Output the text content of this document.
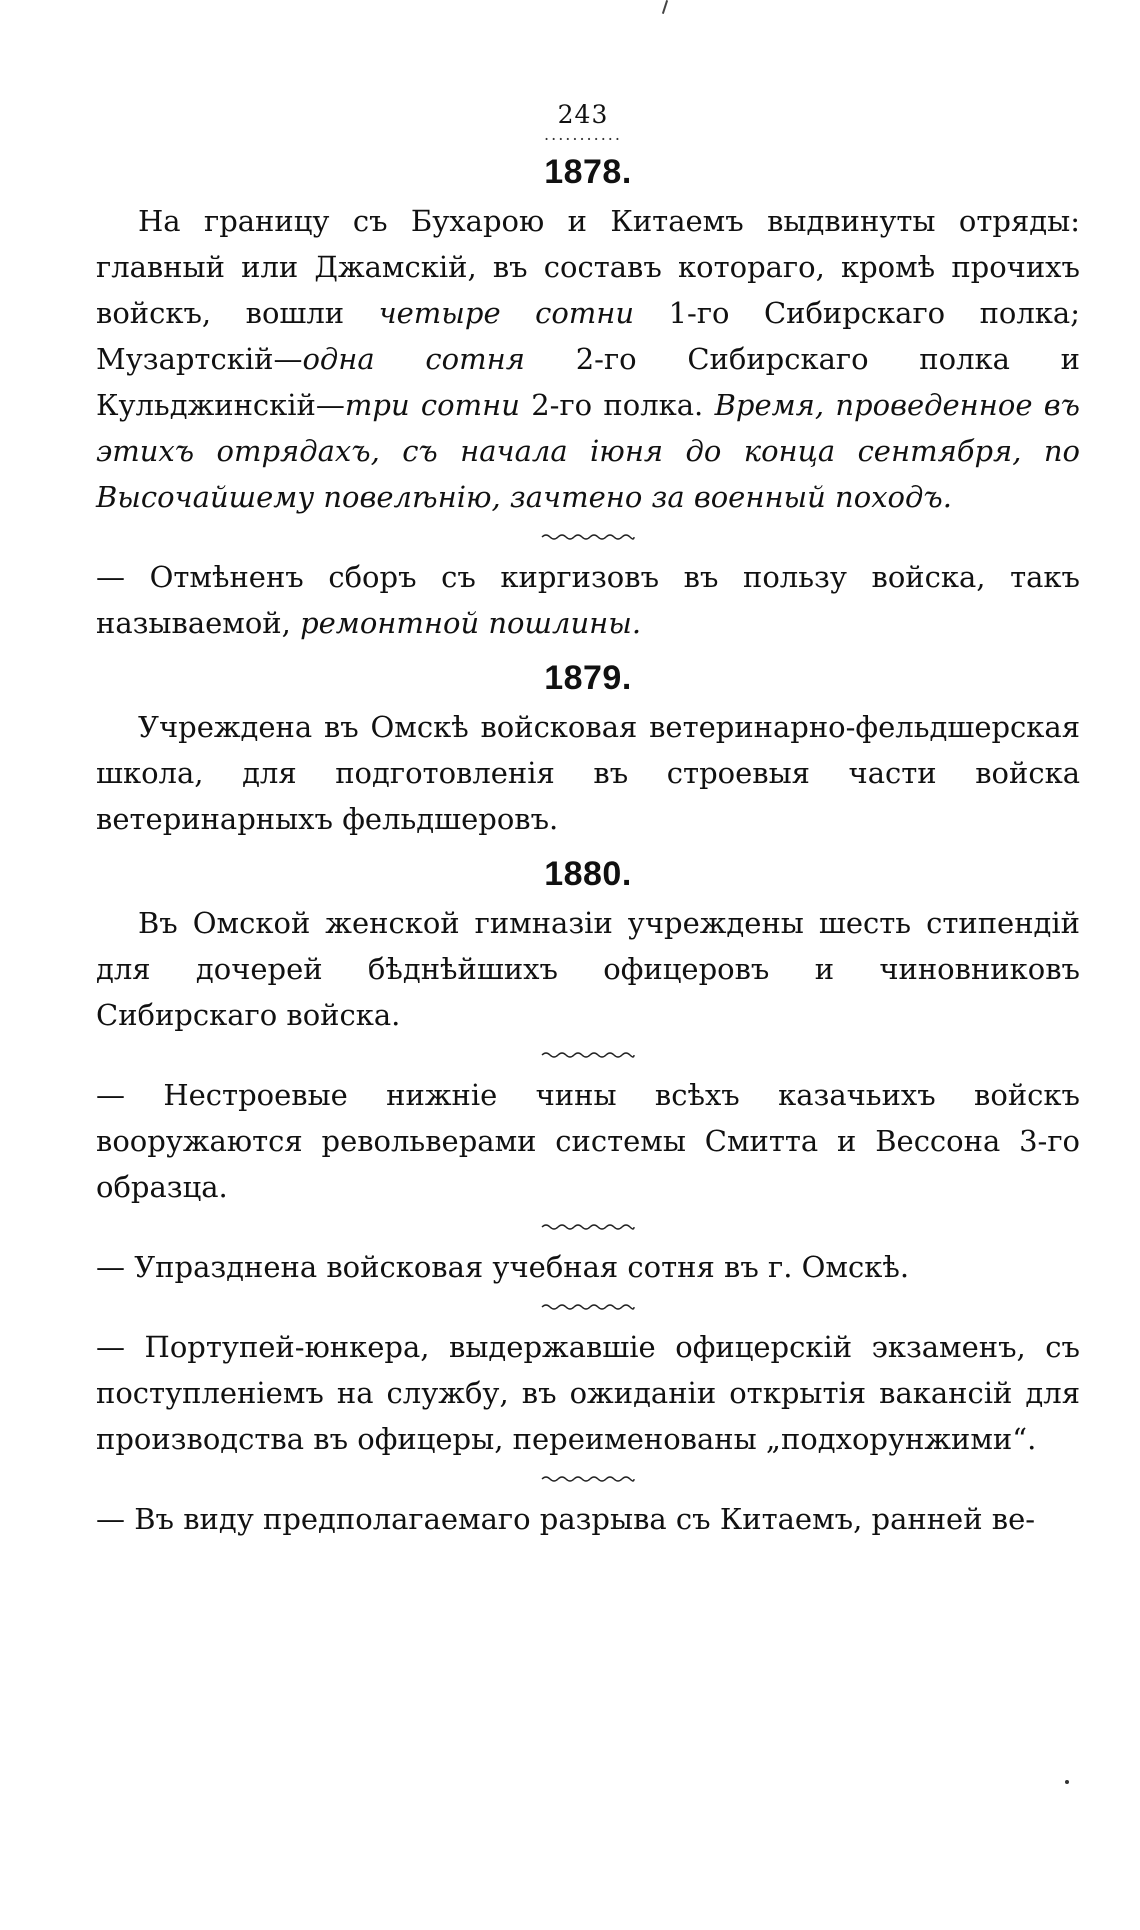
243
...........
1878.

На границу съ Бухарою и Китаемъ выдвинуты отряды: главный или Джамскій, въ составъ котораго, кромѣ прочихъ войскъ, вошли четыре сотни 1-го Сибирскаго полка; Музартскій—одна сотня 2-го Сибирскаго полка и Кульджинскій—три сотни 2-го полка. Время, проведенное въ этихъ отрядахъ, съ начала іюня до конца сентября, по Высочайшему повелѣнію, зачтено за военный походъ.

— Отмѣненъ сборъ съ киргизовъ въ пользу войска, такъ называемой, ремонтной пошлины.

1879.

Учреждена въ Омскѣ войсковая ветеринарно-фельдшерская школа, для подготовленія въ строевыя части войска ветеринарныхъ фельдшеровъ.

1880.

Въ Омской женской гимназіи учреждены шесть стипендій для дочерей бѣднѣйшихъ офицеровъ и чиновниковъ Сибирскаго войска.

— Нестроевые нижніе чины всѣхъ казачьихъ войскъ вооружаются револьверами системы Смитта и Вессона 3-го образца.

— Упразднена войсковая учебная сотня въ г. Омскѣ.

— Портупей-юнкера, выдержавшіе офицерскій экзаменъ, съ поступленіемъ на службу, въ ожиданіи открытія вакансій для производства въ офицеры, переименованы „подхорунжими“.

— Въ виду предполагаемаго разрыва съ Китаемъ, ранней ве-
